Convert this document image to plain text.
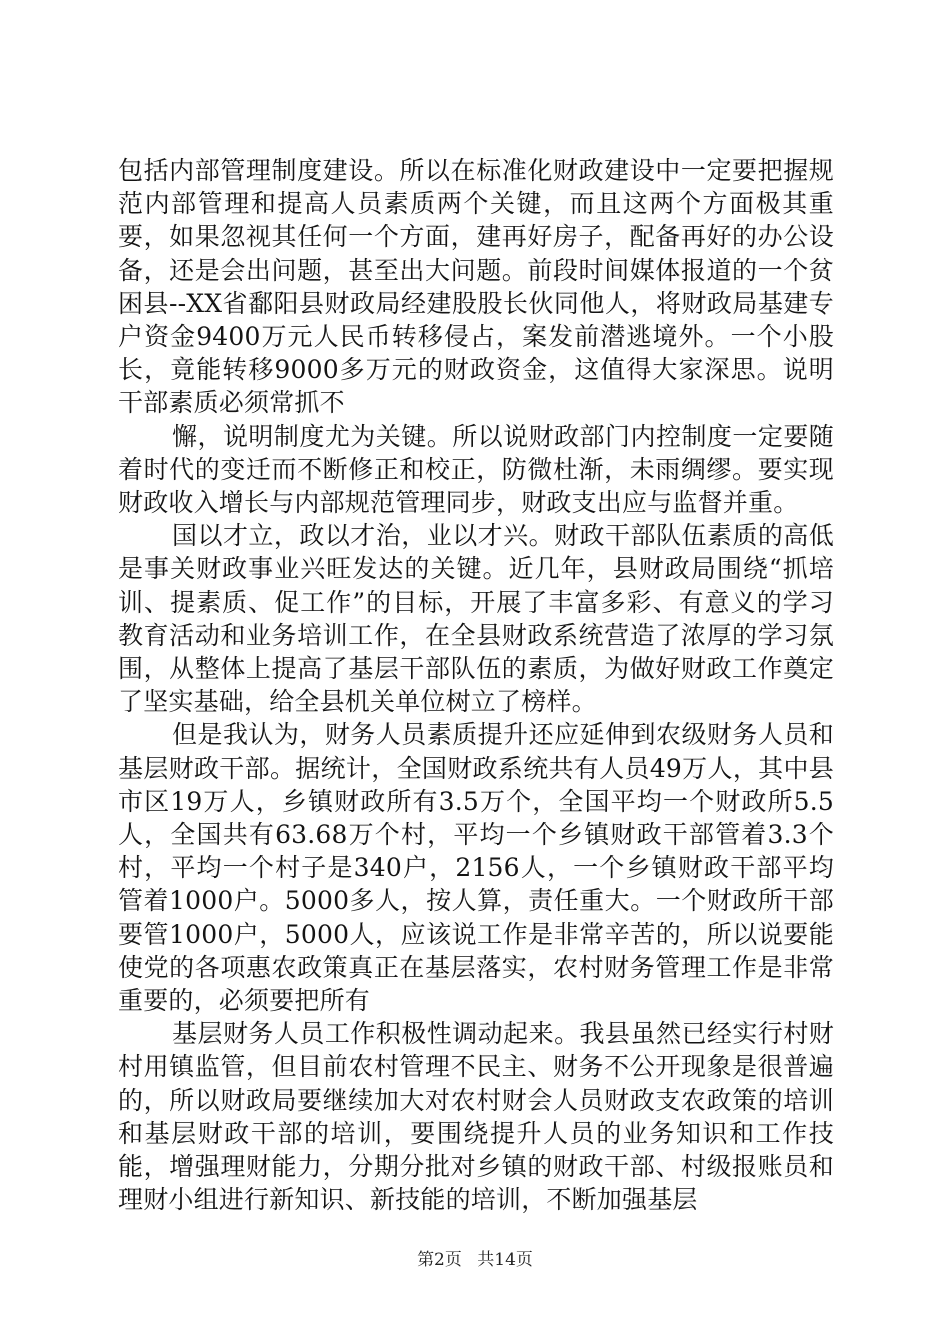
包括内部管理制度建设。所以在标准化财政建设中一定要把握规范内部管理和提高人员素质两个关键，而且这两个方面极其重要，如果忽视其任何一个方面，建再好房子，配备再好的办公设备，还是会出问题，甚至出大问题。前段时间媒体报道的一个贫困县--XX省鄱阳县财政局经建股股长伙同他人，将财政局基建专户资金9400万元人民币转移侵占，案发前潜逃境外。一个小股长，竟能转移9000多万元的财政资金，这值得大家深思。说明干部素质必须常抓不

懈，说明制度尤为关键。所以说财政部门内控制度一定要随着时代的变迁而不断修正和校正，防微杜渐，未雨绸缪。要实现财政收入增长与内部规范管理同步，财政支出应与监督并重。

国以才立，政以才治，业以才兴。财政干部队伍素质的高低是事关财政事业兴旺发达的关键。近几年，县财政局围绕“抓培训、提素质、促工作”的目标，开展了丰富多彩、有意义的学习教育活动和业务培训工作，在全县财政系统营造了浓厚的学习氛围，从整体上提高了基层干部队伍的素质，为做好财政工作奠定了坚实基础，给全县机关单位树立了榜样。

但是我认为，财务人员素质提升还应延伸到农级财务人员和基层财政干部。据统计，全国财政系统共有人员49万人，其中县市区19万人，乡镇财政所有3.5万个，全国平均一个财政所5.5人，全国共有63.68万个村，平均一个乡镇财政干部管着3.3个村，平均一个村子是340户，2156人，一个乡镇财政干部平均管着1000户。5000多人，按人算，责任重大。一个财政所干部要管1000户，5000人，应该说工作是非常辛苦的，所以说要能使党的各项惠农政策真正在基层落实，农村财务管理工作是非常重要的，必须要把所有

基层财务人员工作积极性调动起来。我县虽然已经实行村财村用镇监管，但目前农村管理不民主、财务不公开现象是很普遍的，所以财政局要继续加大对农村财会人员财政支农政策的培训和基层财政干部的培训，要围绕提升人员的业务知识和工作技能，增强理财能力，分期分批对乡镇的财政干部、村级报账员和理财小组进行新知识、新技能的培训，不断加强基层

第2页 共14页
